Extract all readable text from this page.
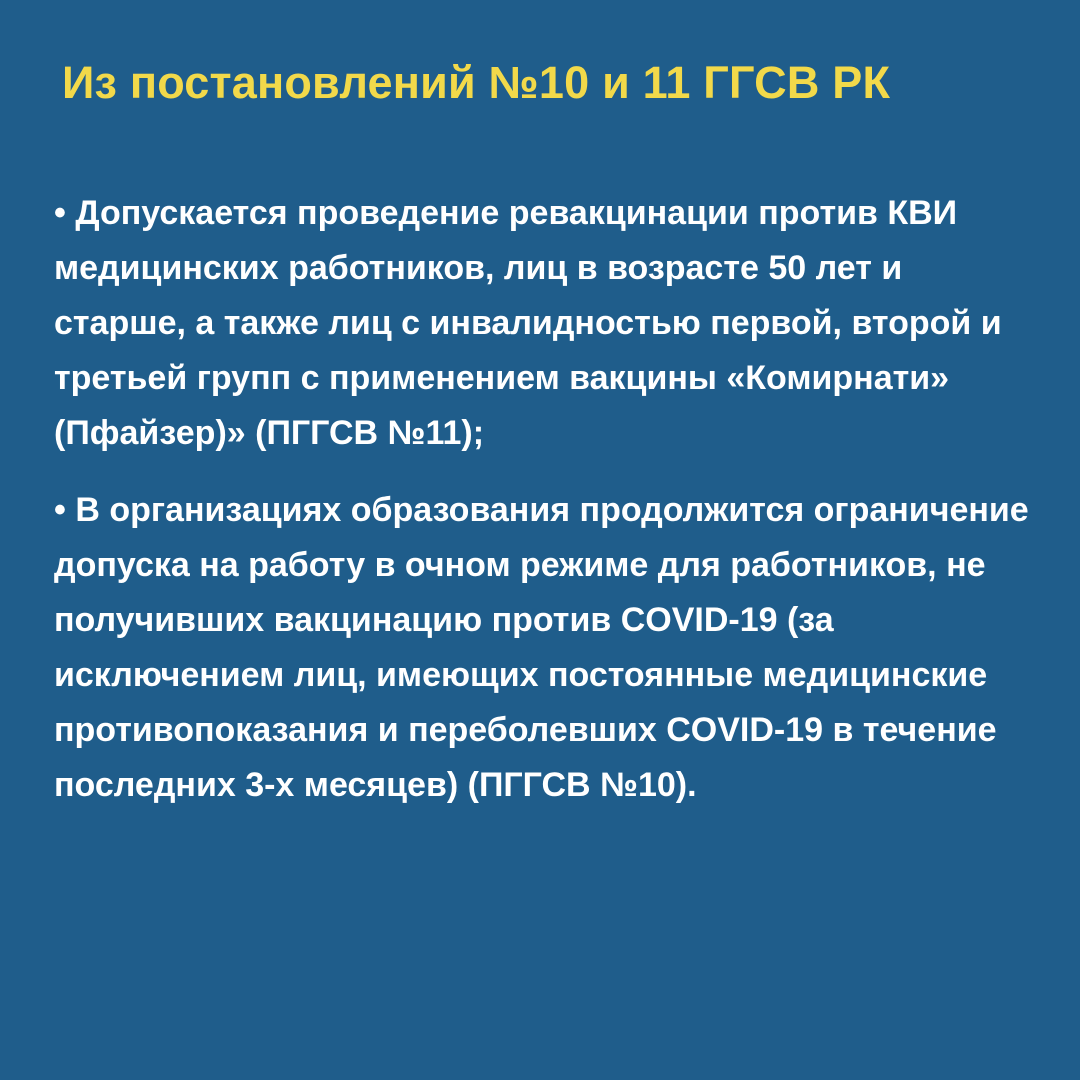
Из постановлений №10 и 11 ГГСВ РК
• Допускается проведение ревакцинации против КВИ медицинских работников, лиц в возрасте 50 лет и старше, а также лиц с инвалидностью первой, второй и третьей групп с применением вакцины «Комирнати» (Пфайзер)» (ПГГСВ №11);
• В организациях образования продолжится ограничение допуска на работу в очном режиме для работников, не получивших вакцинацию против COVID-19 (за исключением лиц, имеющих постоянные медицинские противопоказания и переболевших COVID-19 в течение последних 3-х месяцев) (ПГГСВ №10).
